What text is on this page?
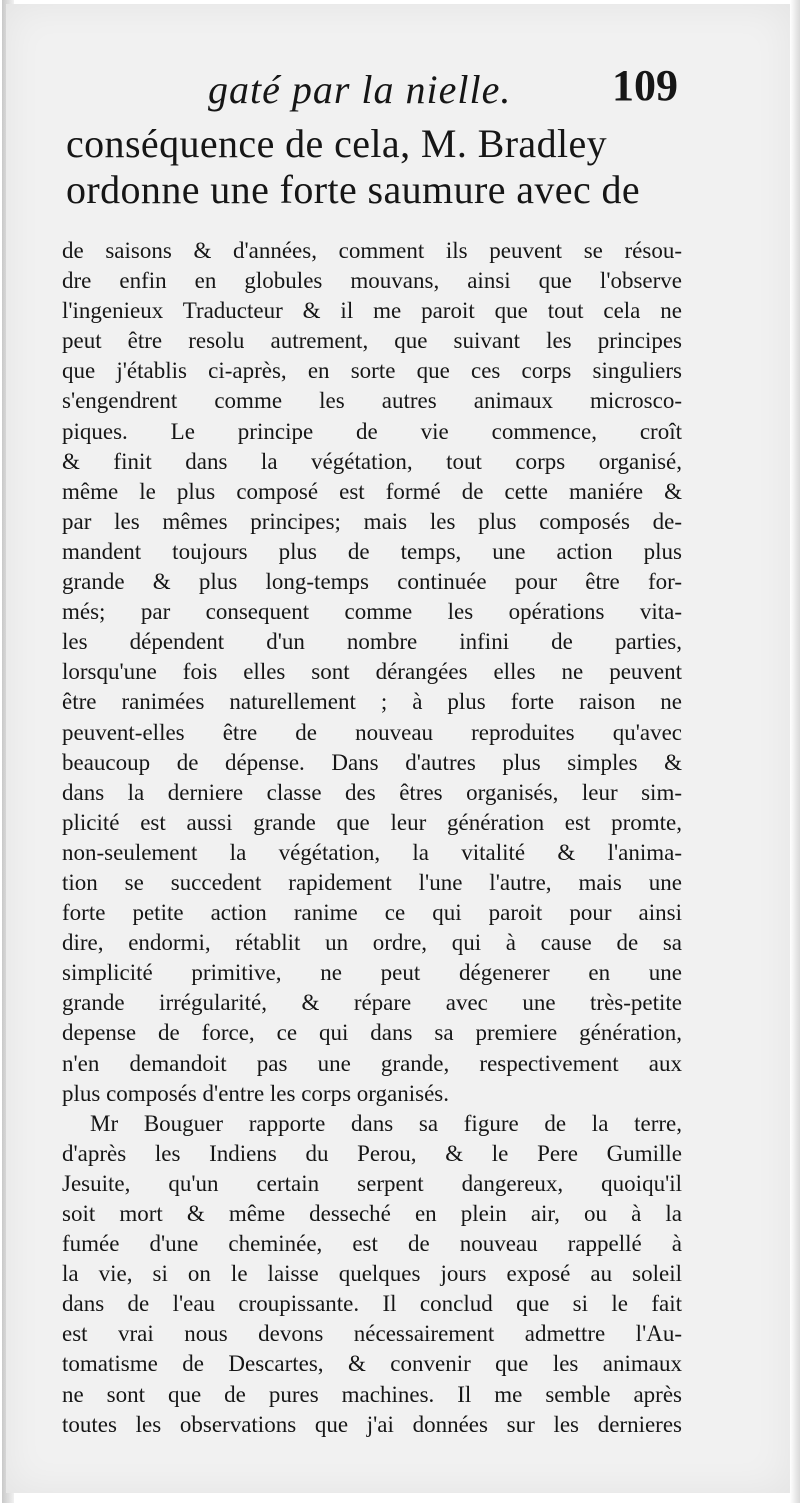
gaté par la nielle. 109
conséquence de cela, M. Bradley
ordonne une forte saumure avec de
de saisons & d'années, comment ils peuvent se résou-
dre enfin en globules mouvans, ainsi que l'observe
l'ingenieux Traducteur & il me paroit que tout cela ne
peut être resolu autrement, que suivant les principes
que j'établis ci-après, en sorte que ces corps singuliers
s'engendrent comme les autres animaux microsco-
piques. Le principe de vie commence, croît
& finit dans la végétation, tout corps organisé,
même le plus composé est formé de cette maniére &
par les mêmes principes; mais les plus composés de-
mandent toujours plus de temps, une action plus
grande & plus long-temps continuée pour être for-
més; par consequent comme les opérations vita-
les dépendent d'un nombre infini de parties,
lorsqu'une fois elles sont dérangées elles ne peuvent
être ranimées naturellement ; à plus forte raison ne
peuvent-elles être de nouveau reproduites qu'avec
beaucoup de dépense. Dans d'autres plus simples &
dans la derniere classe des êtres organisés, leur sim-
plicité est aussi grande que leur génération est promte,
non-seulement la végétation, la vitalité & l'anima-
tion se succedent rapidement l'une l'autre, mais une
forte petite action ranime ce qui paroit pour ainsi
dire, endormi, rétablit un ordre, qui à cause de sa
simplicité primitive, ne peut dégenerer en une
grande irrégularité, & répare avec une très-petite
depense de force, ce qui dans sa premiere génération,
n'en demandoit pas une grande, respectivement aux
plus composés d'entre les corps organisés.
Mr Bouguer rapporte dans sa figure de la terre,
d'après les Indiens du Perou, & le Pere Gumille
Jesuite, qu'un certain serpent dangereux, quoiqu'il
soit mort & même desseché en plein air, ou à la
fumée d'une cheminée, est de nouveau rappellé à
la vie, si on le laisse quelques jours exposé au soleil
dans de l'eau croupissante. Il conclud que si le fait
est vrai nous devons nécessairement admettre l'Au-
tomatisme de Descartes, & convenir que les animaux
ne sont que de pures machines. Il me semble après
toutes les observations que j'ai données sur les dernieres
